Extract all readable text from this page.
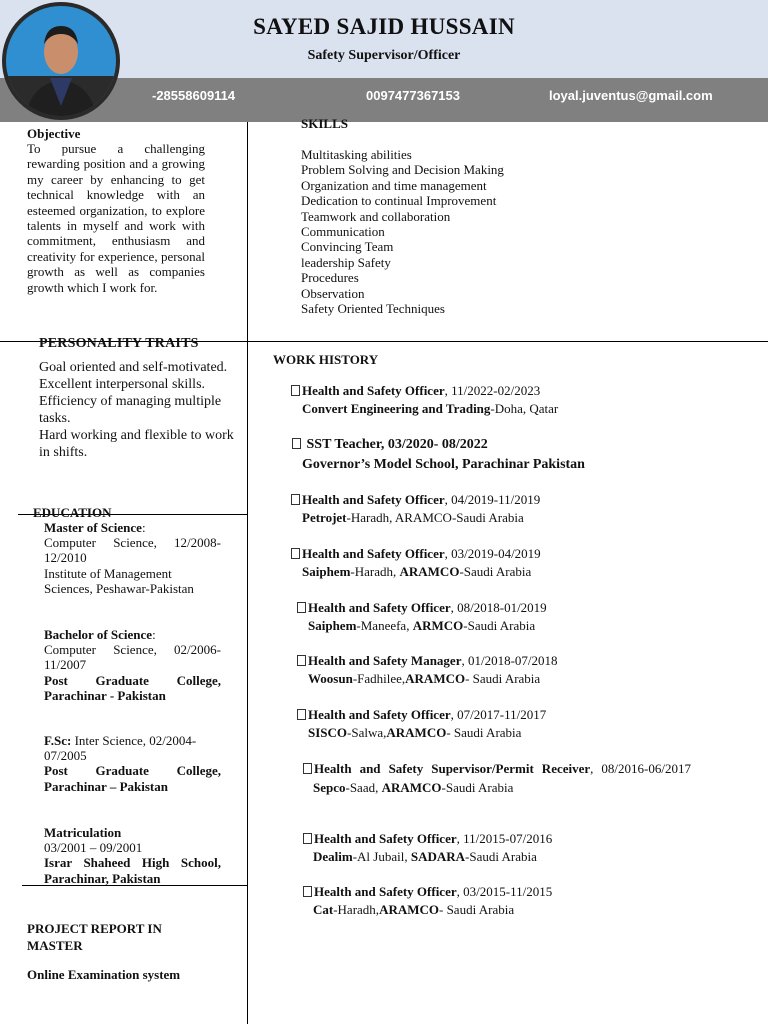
SAYED SAJID HUSSAIN
Safety Supervisor/Officer
-28558609114	0097477367153	loyal.juventus@gmail.com
Objective
To pursue a challenging rewarding position and a growing my career by enhancing to get technical knowledge with an esteemed organization, to explore talents in myself and work with commitment, enthusiasm and creativity for experience, personal growth as well as companies growth which I work for.
PERSONALITY TRAITS
Goal oriented and self-motivated.
Excellent interpersonal skills.
Efficiency of managing multiple tasks.
Hard working and flexible to work in shifts.
EDUCATION
Master of Science:
Computer Science, 12/2008-12/2010
Institute of Management Sciences, Peshawar-Pakistan
Bachelor of Science:
Computer Science, 02/2006-11/2007
Post Graduate College, Parachinar - Pakistan
F.Sc: Inter Science, 02/2004-07/2005
Post Graduate College, Parachinar – Pakistan
Matriculation
03/2001 – 09/2001
Israr Shaheed High School, Parachinar, Pakistan
PROJECT REPORT IN MASTER
Online Examination system
SKILLS
Multitasking abilities
Problem Solving and Decision Making
Organization and time management
Dedication to continual Improvement
Teamwork and collaboration
Communication
Convincing Team
leadership Safety
Procedures
Observation
Safety Oriented Techniques
WORK HISTORY
Health and Safety Officer, 11/2022-02/2023
Convert Engineering and Trading-Doha, Qatar
SST Teacher, 03/2020- 08/2022
Governor’s Model School, Parachinar Pakistan
Health and Safety Officer, 04/2019-11/2019
Petrojet-Haradh, ARAMCO-Saudi Arabia
Health and Safety Officer, 03/2019-04/2019
Saiphem-Haradh, ARAMCO-Saudi Arabia
Health and Safety Officer, 08/2018-01/2019
Saiphem-Maneefa, ARMCO-Saudi Arabia
Health and Safety Manager, 01/2018-07/2018
Woosun-Fadhilee,ARAMCO- Saudi Arabia
Health and Safety Officer, 07/2017-11/2017
SISCO-Salwa,ARAMCO- Saudi Arabia
Health and Safety Supervisor/Permit Receiver, 08/2016-06/2017
Sepco-Saad, ARAMCO-Saudi Arabia
Health and Safety Officer, 11/2015-07/2016
Dealim-Al Jubail, SADARA-Saudi Arabia
Health and Safety Officer, 03/2015-11/2015
Cat-Haradh,ARAMCO- Saudi Arabia
